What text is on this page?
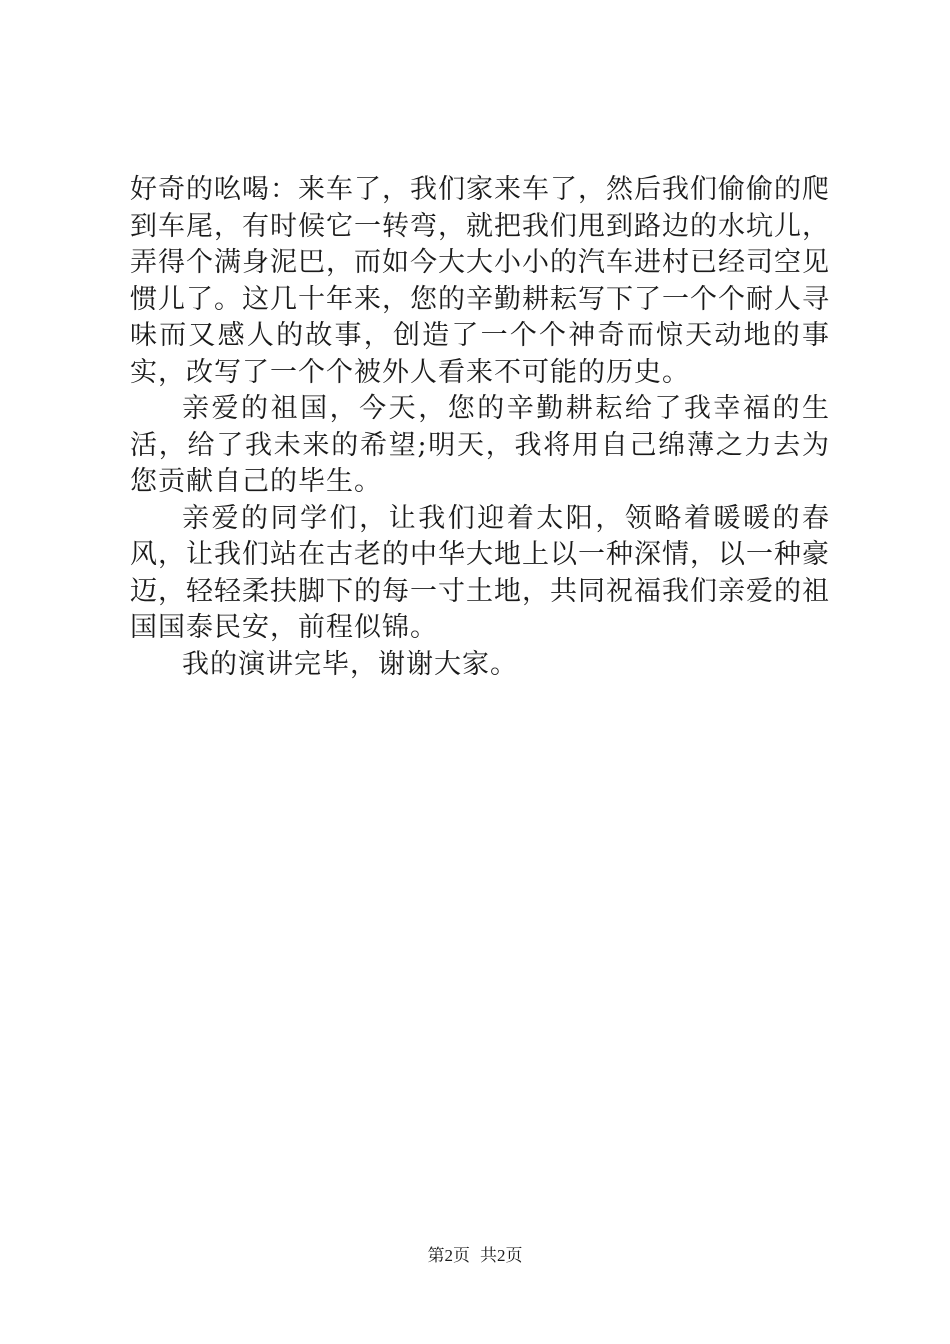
好奇的吆喝：来车了，我们家来车了，然后我们偷偷的爬到车尾，有时候它一转弯，就把我们甩到路边的水坑儿，弄得个满身泥巴，而如今大大小小的汽车进村已经司空见惯儿了。这几十年来，您的辛勤耕耘写下了一个个耐人寻味而又感人的故事，创造了一个个神奇而惊天动地的事实，改写了一个个被外人看来不可能的历史。

亲爱的祖国，今天，您的辛勤耕耘给了我幸福的生活，给了我未来的希望;明天，我将用自己绵薄之力去为您贡献自己的毕生。

亲爱的同学们，让我们迎着太阳，领略着暖暖的春风，让我们站在古老的中华大地上以一种深情，以一种豪迈，轻轻柔扶脚下的每一寸土地，共同祝福我们亲爱的祖国国泰民安，前程似锦。

我的演讲完毕，谢谢大家。

第2页 共2页
